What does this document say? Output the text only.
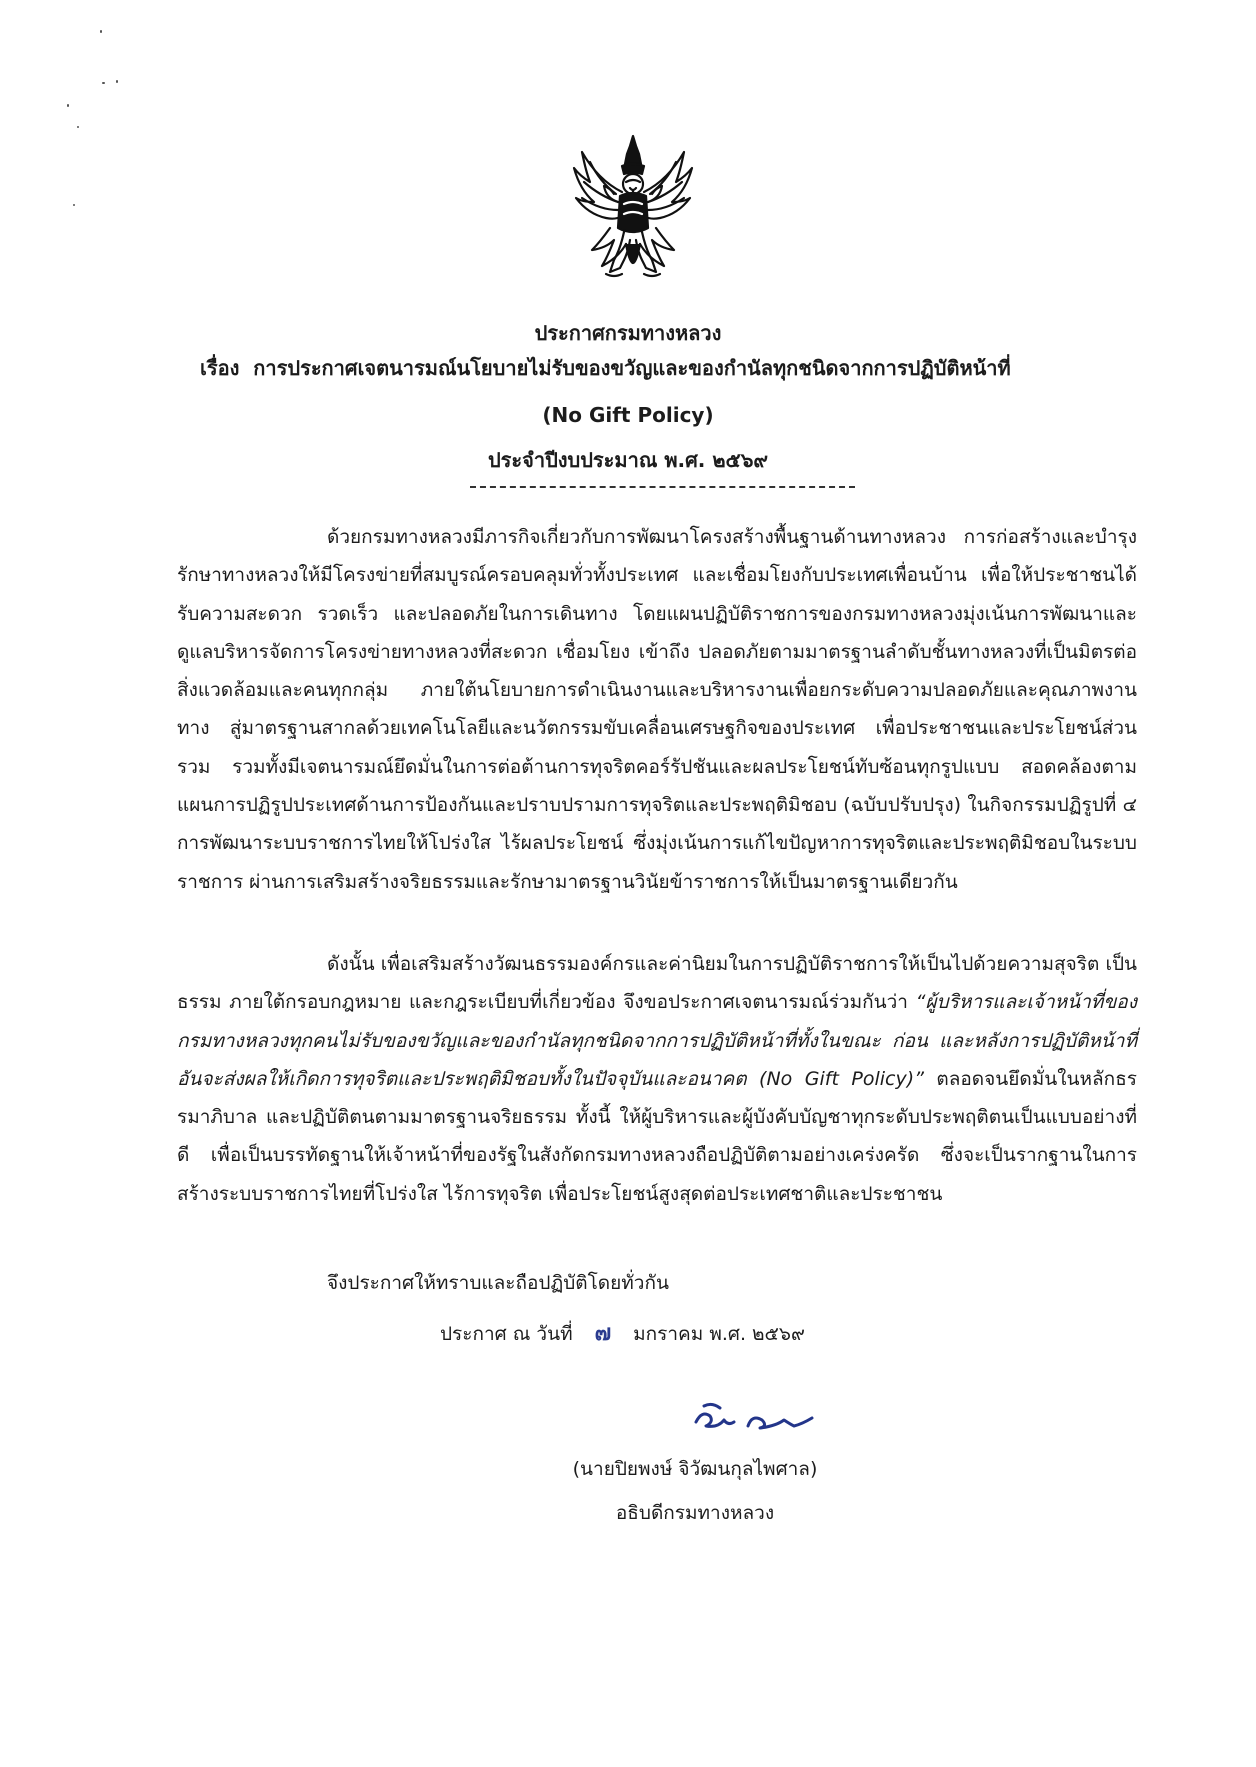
ประกาศกรมทางหลวง
เรื่อง การประกาศเจตนารมณ์นโยบายไม่รับของขวัญและของกำนัลทุกชนิดจากการปฏิบัติหน้าที่
(No Gift Policy)
ประจำปีงบประมาณ พ.ศ. ๒๕๖๙
ด้วยกรมทางหลวงมีภารกิจเกี่ยวกับการพัฒนาโครงสร้างพื้นฐานด้านทางหลวง การก่อสร้างและบำรุงรักษาทางหลวงให้มีโครงข่ายที่สมบูรณ์ครอบคลุมทั่วทั้งประเทศ และเชื่อมโยงกับประเทศเพื่อนบ้าน เพื่อให้ประชาชนได้รับความสะดวก รวดเร็ว และปลอดภัยในการเดินทาง โดยแผนปฏิบัติราชการของกรมทางหลวงมุ่งเน้นการพัฒนาและดูแลบริหารจัดการโครงข่ายทางหลวงที่สะดวก เชื่อมโยง เข้าถึง ปลอดภัยตามมาตรฐานลำดับชั้นทางหลวงที่เป็นมิตรต่อสิ่งแวดล้อมและคนทุกกลุ่ม ภายใต้นโยบายการดำเนินงานและบริหารงานเพื่อยกระดับความปลอดภัยและคุณภาพงานทาง สู่มาตรฐานสากลด้วยเทคโนโลยีและนวัตกรรมขับเคลื่อนเศรษฐกิจของประเทศ เพื่อประชาชนและประโยชน์ส่วนรวม รวมทั้งมีเจตนารมณ์ยึดมั่นในการต่อต้านการทุจริตคอร์รัปชันและผลประโยชน์ทับซ้อนทุกรูปแบบ สอดคล้องตามแผนการปฏิรูปประเทศด้านการป้องกันและปราบปรามการทุจริตและประพฤติมิชอบ (ฉบับปรับปรุง) ในกิจกรรมปฏิรูปที่ ๔ การพัฒนาระบบราชการไทยให้โปร่งใส ไร้ผลประโยชน์ ซึ่งมุ่งเน้นการแก้ไขปัญหาการทุจริตและประพฤติมิชอบในระบบราชการ ผ่านการเสริมสร้างจริยธรรมและรักษามาตรฐานวินัยข้าราชการให้เป็นมาตรฐานเดียวกัน
ดังนั้น เพื่อเสริมสร้างวัฒนธรรมองค์กรและค่านิยมในการปฏิบัติราชการให้เป็นไปด้วยความสุจริต เป็นธรรม ภายใต้กรอบกฎหมาย และกฎระเบียบที่เกี่ยวข้อง จึงขอประกาศเจตนารมณ์ร่วมกันว่า “ผู้บริหารและเจ้าหน้าที่ของกรมทางหลวงทุกคนไม่รับของขวัญและของกำนัลทุกชนิดจากการปฏิบัติหน้าที่ทั้งในขณะ ก่อน และหลังการปฏิบัติหน้าที่ อันจะส่งผลให้เกิดการทุจริตและประพฤติมิชอบทั้งในปัจจุบันและอนาคต (No Gift Policy)” ตลอดจนยึดมั่นในหลักธรรมาภิบาล และปฏิบัติตนตามมาตรฐานจริยธรรม ทั้งนี้ ให้ผู้บริหารและผู้บังคับบัญชาทุกระดับประพฤติตนเป็นแบบอย่างที่ดี เพื่อเป็นบรรทัดฐานให้เจ้าหน้าที่ของรัฐในสังกัดกรมทางหลวงถือปฏิบัติตามอย่างเคร่งครัด ซึ่งจะเป็นรากฐานในการสร้างระบบราชการไทยที่โปร่งใส ไร้การทุจริต เพื่อประโยชน์สูงสุดต่อประเทศชาติและประชาชน
จึงประกาศให้ทราบและถือปฏิบัติโดยทั่วกัน
ประกาศ ณ วันที่ ๗ มกราคม พ.ศ. ๒๕๖๙
(นายปิยพงษ์ จิวัฒนกุลไพศาล)
อธิบดีกรมทางหลวง
